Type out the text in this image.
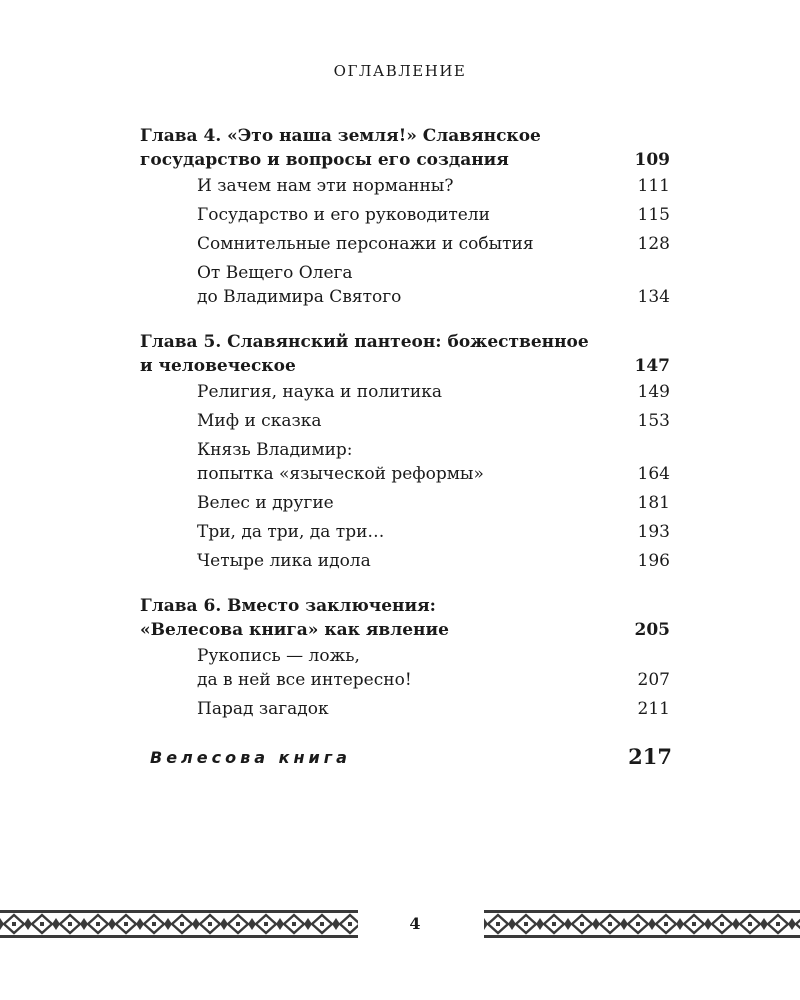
ОГЛАВЛЕНИЕ
Глава 4. «Это наша земля!» Славянское
государство и вопросы его создания	109
И зачем нам эти норманны?	111
Государство и его руководители	115
Сомнительные персонажи и события	128
От Вещего Олега
до Владимира Святого	134
Глава 5. Славянский пантеон: божественное
и человеческое	147
Религия, наука и политика	149
Миф и сказка	153
Князь Владимир:
попытка «языческой реформы»	164
Велес и другие	181
Три, да три, да три…	193
Четыре лика идола	196
Глава 6. Вместо заключения:
«Велесова книга» как явление	205
Рукопись — ложь,
да в ней все интересно!	207
Парад загадок	211
Велесова книга	217
4
